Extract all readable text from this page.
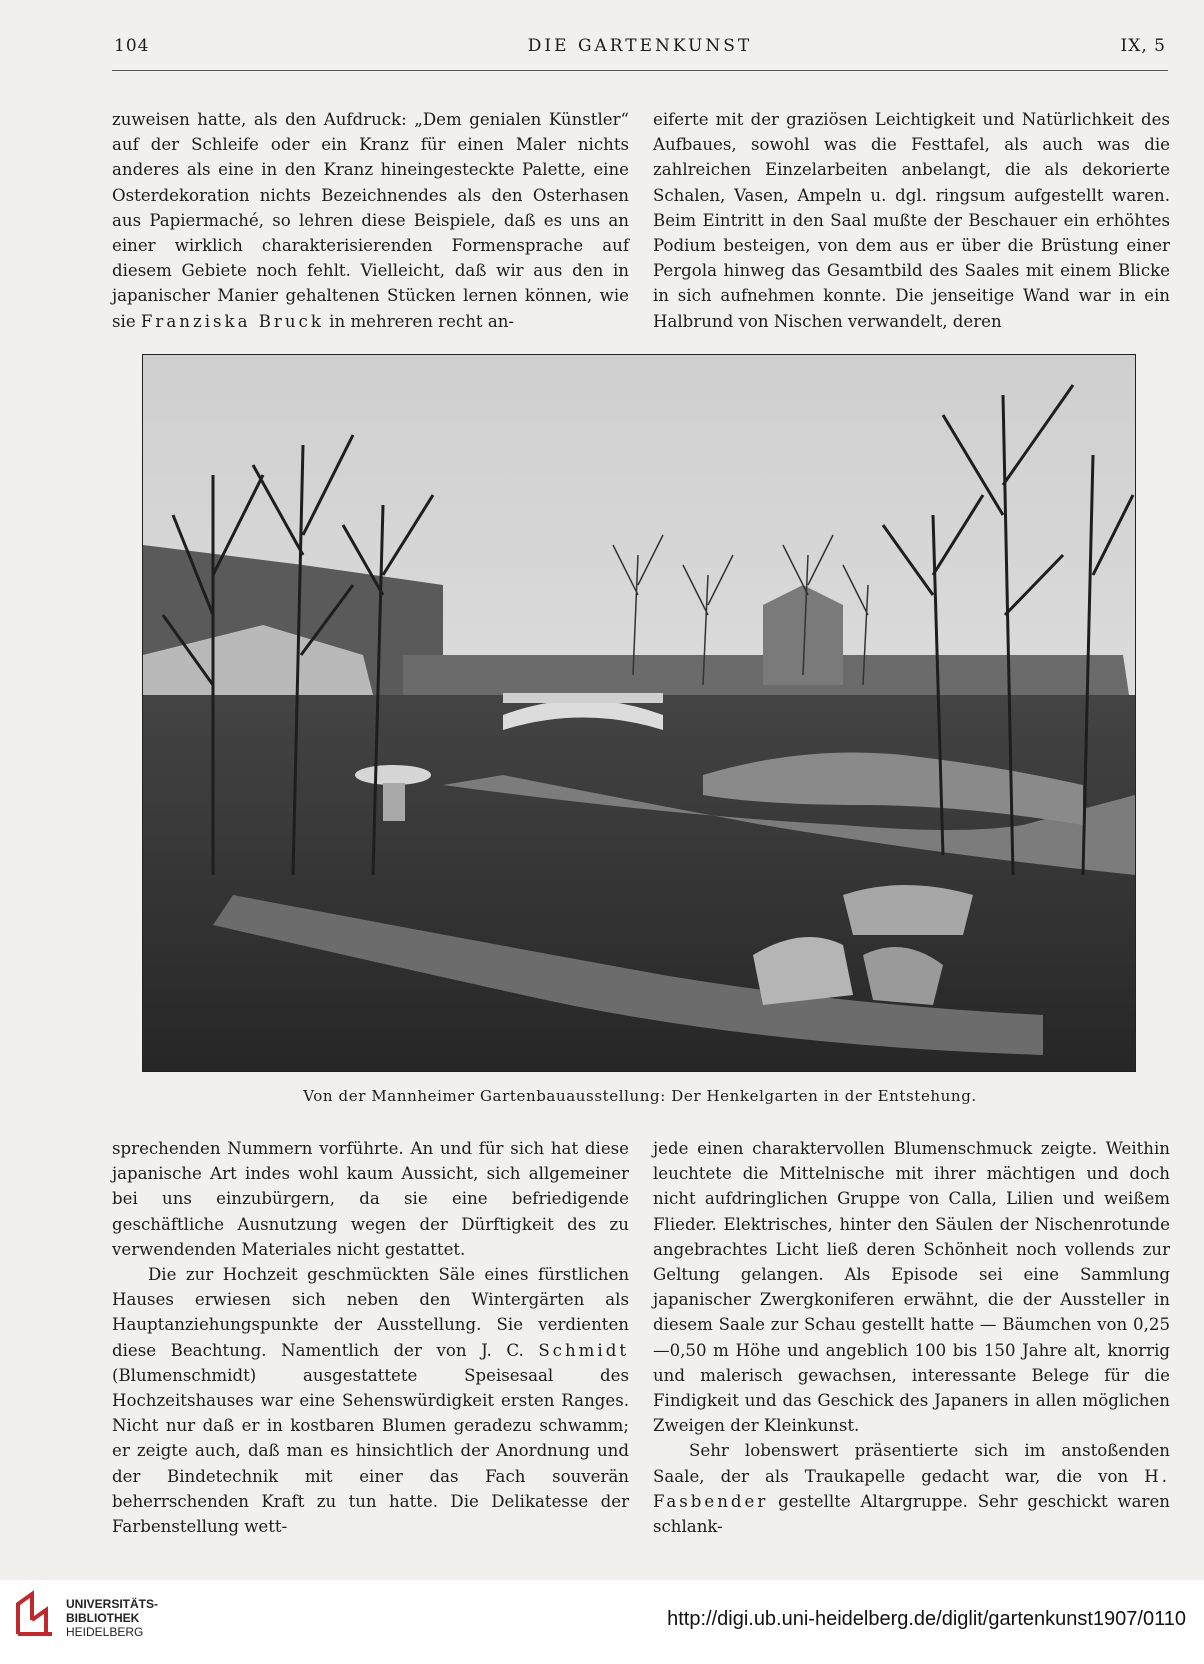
104	DIE GARTENKUNST	IX, 5

zuweisen hatte, als den Aufdruck: „Dem genialen Künstler“ auf der Schleife oder ein Kranz für einen Maler nichts anderes als eine in den Kranz hineingesteckte Palette, eine Osterdekoration nichts Bezeichnendes als den Osterhasen aus Papiermaché, so lehren diese Beispiele, daß es uns an einer wirklich charakterisierenden Formensprache auf diesem Gebiete noch fehlt. Vielleicht, daß wir aus den in japanischer Manier gehaltenen Stücken lernen können, wie sie Franziska Bruck in mehreren recht an-

eiferte mit der graziösen Leichtigkeit und Natürlichkeit des Aufbaues, sowohl was die Festtafel, als auch was die zahlreichen Einzelarbeiten anbelangt, die als dekorierte Schalen, Vasen, Ampeln u. dgl. ringsum aufgestellt waren. Beim Eintritt in den Saal mußte der Beschauer ein erhöhtes Podium besteigen, von dem aus er über die Brüstung einer Pergola hinweg das Gesamtbild des Saales mit einem Blicke in sich aufnehmen konnte. Die jenseitige Wand war in ein Halbrund von Nischen verwandelt, deren

Von der Mannheimer Gartenbauausstellung: Der Henkelgarten in der Entstehung.

sprechenden Nummern vorführte. An und für sich hat diese japanische Art indes wohl kaum Aussicht, sich allgemeiner bei uns einzubürgern, da sie eine befriedigende geschäftliche Ausnutzung wegen der Dürftigkeit des zu verwendenden Materiales nicht gestattet.

Die zur Hochzeit geschmückten Säle eines fürstlichen Hauses erwiesen sich neben den Wintergärten als Hauptanziehungspunkte der Ausstellung. Sie verdienten diese Beachtung. Namentlich der von J. C. Schmidt (Blumenschmidt) ausgestattete Speisesaal des Hochzeitshauses war eine Sehenswürdigkeit ersten Ranges. Nicht nur daß er in kostbaren Blumen geradezu schwamm; er zeigte auch, daß man es hinsichtlich der Anordnung und der Bindetechnik mit einer das Fach souverän beherrschenden Kraft zu tun hatte. Die Delikatesse der Farbenstellung wett-

jede einen charaktervollen Blumenschmuck zeigte. Weithin leuchtete die Mittelnische mit ihrer mächtigen und doch nicht aufdringlichen Gruppe von Calla, Lilien und weißem Flieder. Elektrisches, hinter den Säulen der Nischenrotunde angebrachtes Licht ließ deren Schönheit noch vollends zur Geltung gelangen. Als Episode sei eine Sammlung japanischer Zwergkoniferen erwähnt, die der Aussteller in diesem Saale zur Schau gestellt hatte — Bäumchen von 0,25—0,50 m Höhe und angeblich 100 bis 150 Jahre alt, knorrig und malerisch gewachsen, interessante Belege für die Findigkeit und das Geschick des Japaners in allen möglichen Zweigen der Kleinkunst.

Sehr lobenswert präsentierte sich im anstoßenden Saale, der als Traukapelle gedacht war, die von H. Fasbender gestellte Altargruppe. Sehr geschickt waren schlank-

UNIVERSITÄTS-
BIBLIOTHEK
HEIDELBERG
http://digi.ub.uni-heidelberg.de/diglit/gartenkunst1907/0110
